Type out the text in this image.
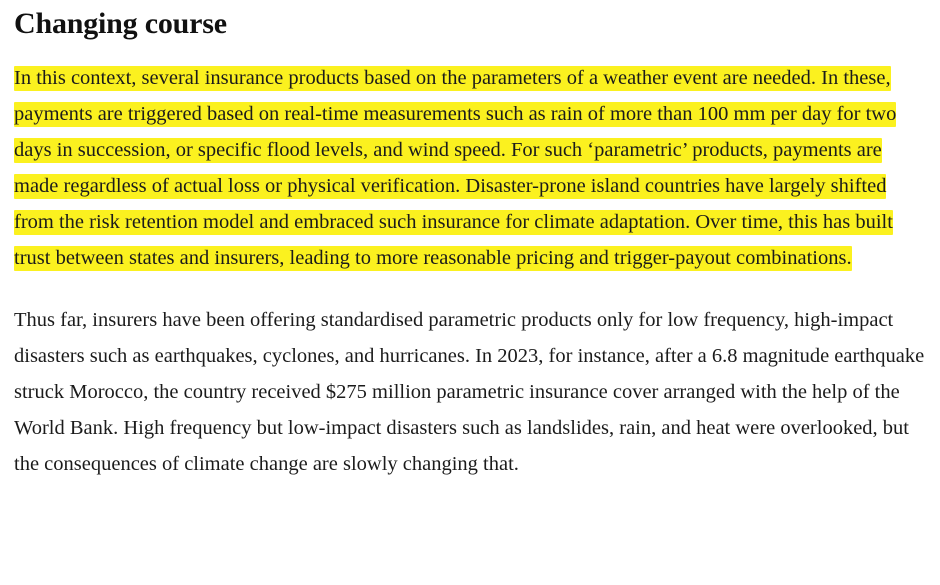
Changing course

In this context, several insurance products based on the parameters of a weather event are needed. In these, payments are triggered based on real-time measurements such as rain of more than 100 mm per day for two days in succession, or specific flood levels, and wind speed. For such ‘parametric’ products, payments are made regardless of actual loss or physical verification. Disaster-prone island countries have largely shifted from the risk retention model and embraced such insurance for climate adaptation. Over time, this has built trust between states and insurers, leading to more reasonable pricing and trigger-payout combinations.

Thus far, insurers have been offering standardised parametric products only for low frequency, high-impact disasters such as earthquakes, cyclones, and hurricanes. In 2023, for instance, after a 6.8 magnitude earthquake struck Morocco, the country received $275 million parametric insurance cover arranged with the help of the World Bank. High frequency but low-impact disasters such as landslides, rain, and heat were overlooked, but the consequences of climate change are slowly changing that.
